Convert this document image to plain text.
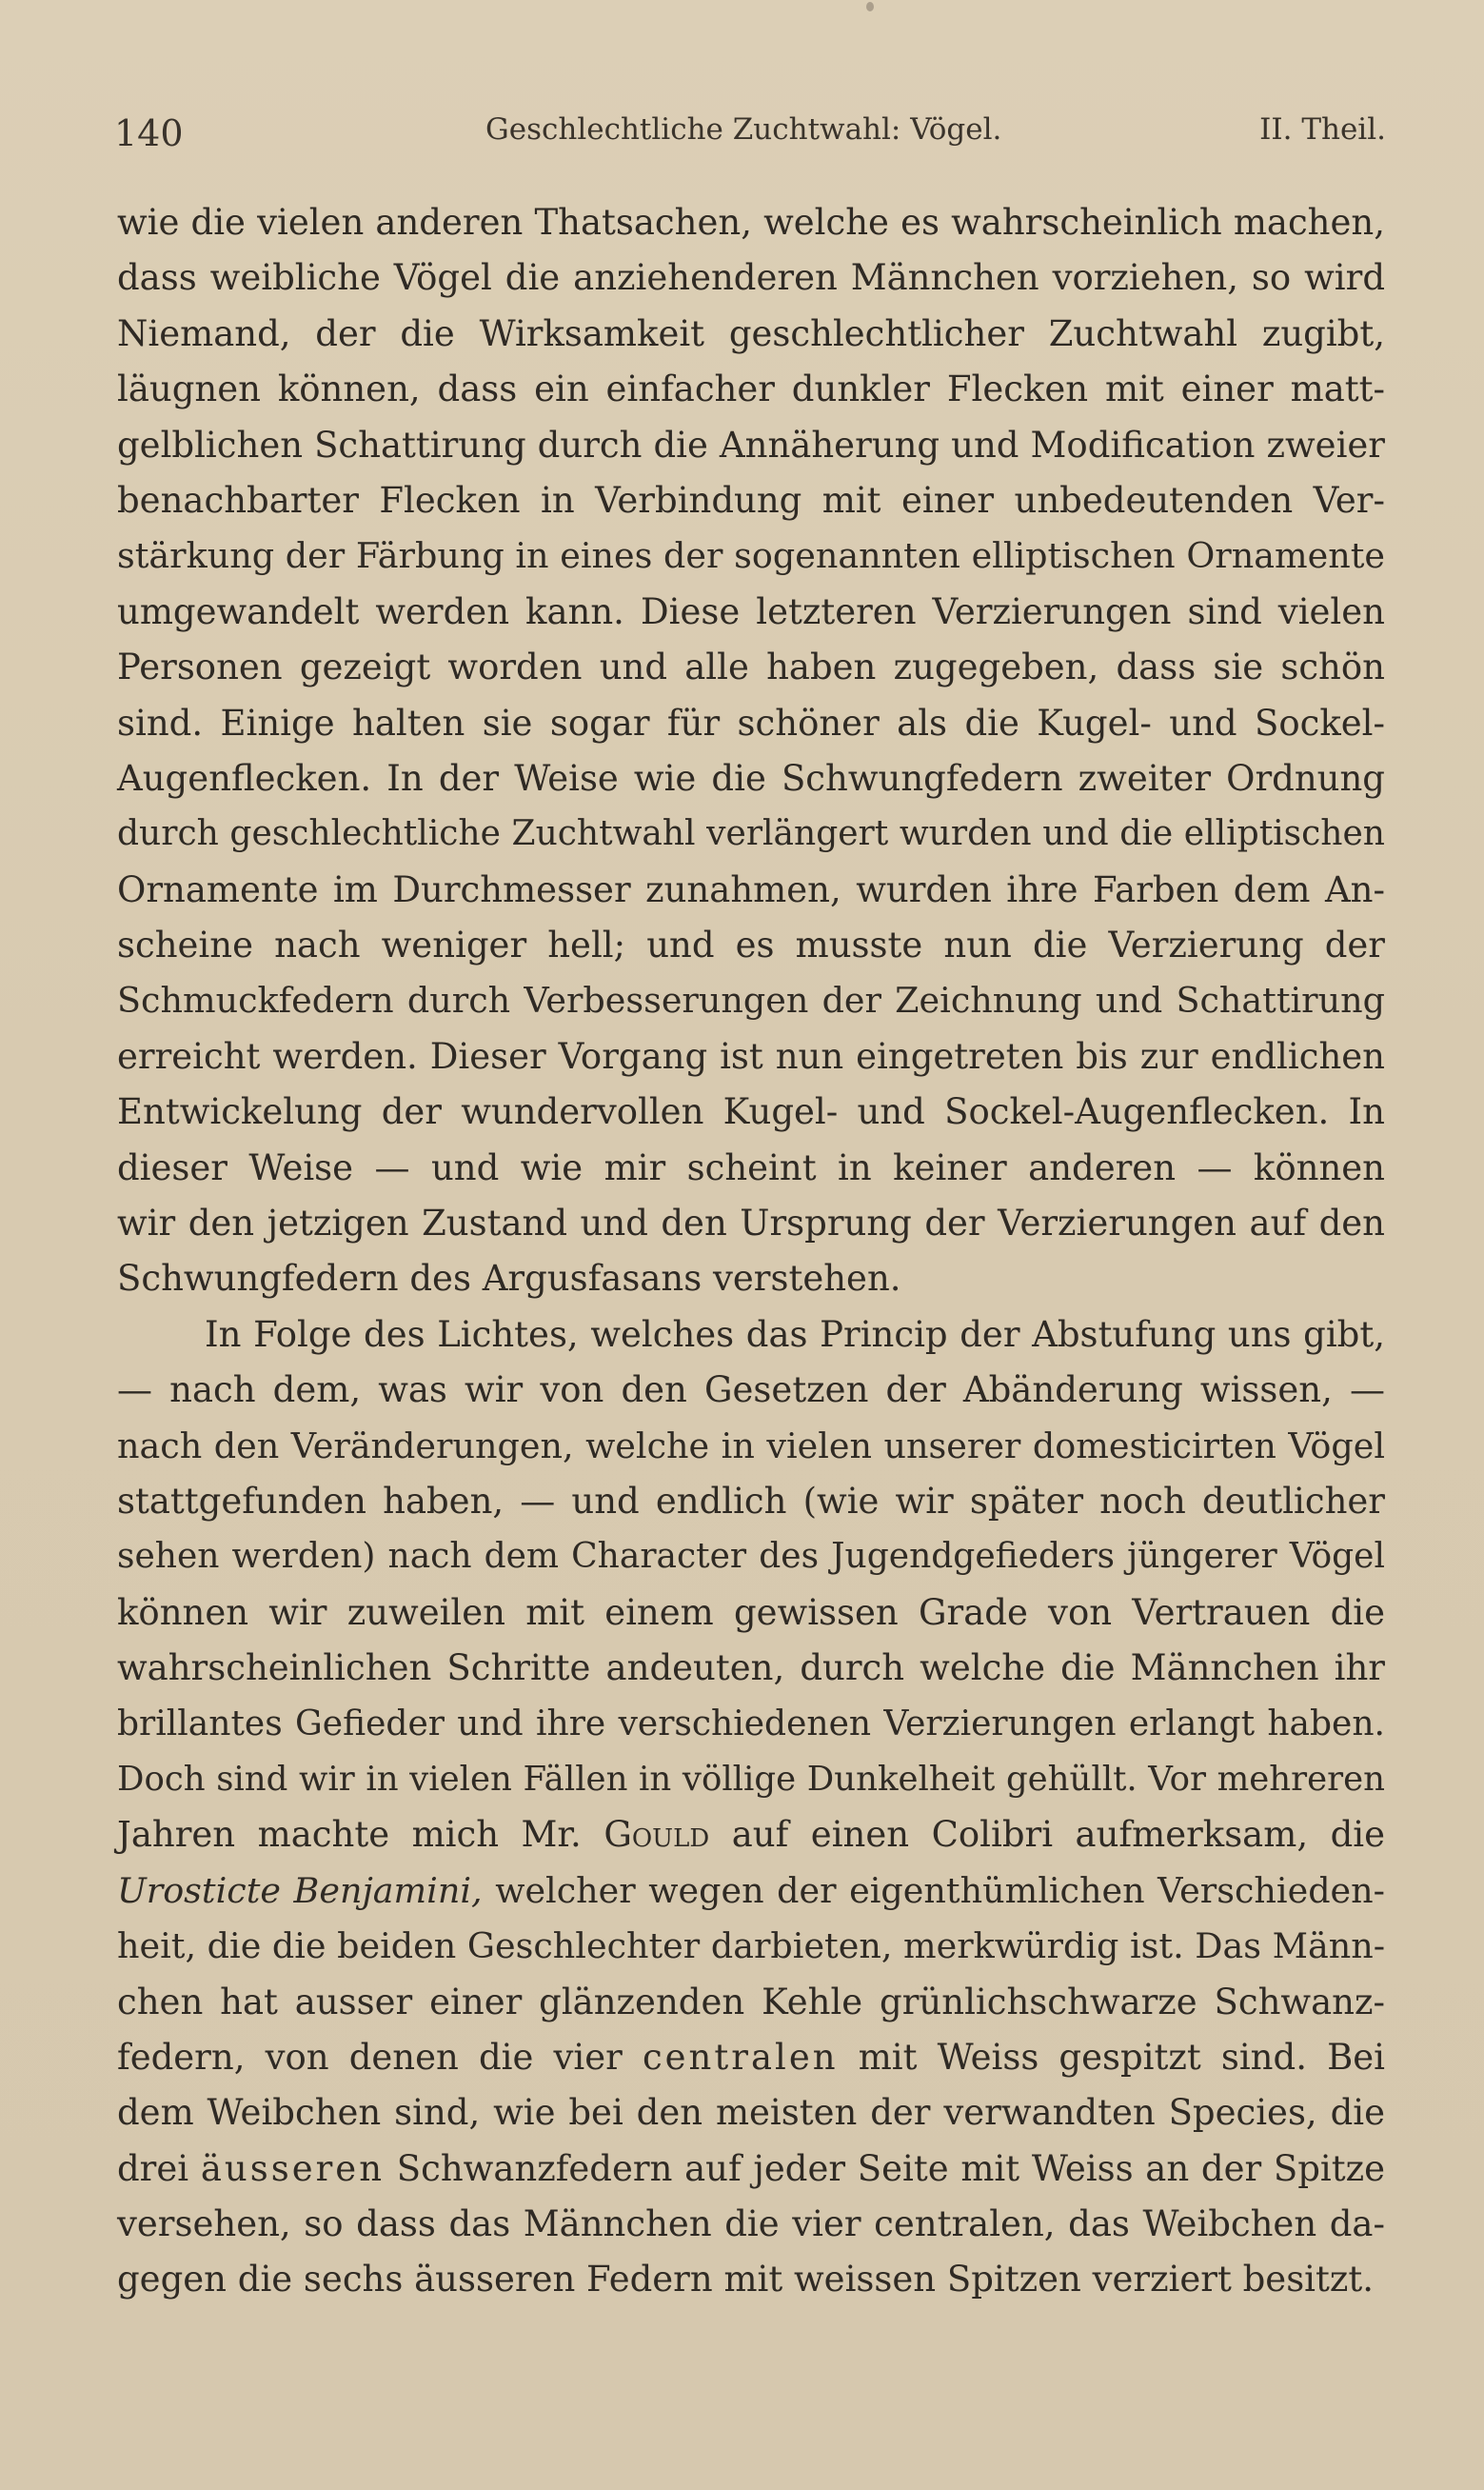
140	Geschlechtliche Zuchtwahl: Vögel.	II. Theil.
wie die vielen anderen Thatsachen, welche es wahrscheinlich machen,
dass weibliche Vögel die anziehenderen Männchen vorziehen, so wird
Niemand, der die Wirksamkeit geschlechtlicher Zuchtwahl zugibt,
läugnen können, dass ein einfacher dunkler Flecken mit einer matt-
gelblichen Schattirung durch die Annäherung und Modification zweier
benachbarter Flecken in Verbindung mit einer unbedeutenden Ver-
stärkung der Färbung in eines der sogenannten elliptischen Ornamente
umgewandelt werden kann. Diese letzteren Verzierungen sind vielen
Personen gezeigt worden und alle haben zugegeben, dass sie schön
sind. Einige halten sie sogar für schöner als die Kugel- und Sockel-
Augenflecken. In der Weise wie die Schwungfedern zweiter Ordnung
durch geschlechtliche Zuchtwahl verlängert wurden und die elliptischen
Ornamente im Durchmesser zunahmen, wurden ihre Farben dem An-
scheine nach weniger hell; und es musste nun die Verzierung der
Schmuckfedern durch Verbesserungen der Zeichnung und Schattirung
erreicht werden. Dieser Vorgang ist nun eingetreten bis zur endlichen
Entwickelung der wundervollen Kugel- und Sockel-Augenflecken. In
dieser Weise — und wie mir scheint in keiner anderen — können
wir den jetzigen Zustand und den Ursprung der Verzierungen auf den
Schwungfedern des Argusfasans verstehen.
In Folge des Lichtes, welches das Princip der Abstufung uns gibt,
— nach dem, was wir von den Gesetzen der Abänderung wissen, —
nach den Veränderungen, welche in vielen unserer domesticirten Vögel
stattgefunden haben, — und endlich (wie wir später noch deutlicher
sehen werden) nach dem Character des Jugendgefieders jüngerer Vögel
können wir zuweilen mit einem gewissen Grade von Vertrauen die
wahrscheinlichen Schritte andeuten, durch welche die Männchen ihr
brillantes Gefieder und ihre verschiedenen Verzierungen erlangt haben.
Doch sind wir in vielen Fällen in völlige Dunkelheit gehüllt. Vor mehreren
Jahren machte mich Mr. Gould auf einen Colibri aufmerksam, die
Urosticte Benjamini, welcher wegen der eigenthümlichen Verschieden-
heit, die die beiden Geschlechter darbieten, merkwürdig ist. Das Männ-
chen hat ausser einer glänzenden Kehle grünlichschwarze Schwanz-
federn, von denen die vier centralen mit Weiss gespitzt sind. Bei
dem Weibchen sind, wie bei den meisten der verwandten Species, die
drei äusseren Schwanzfedern auf jeder Seite mit Weiss an der Spitze
versehen, so dass das Männchen die vier centralen, das Weibchen da-
gegen die sechs äusseren Federn mit weissen Spitzen verziert besitzt.
